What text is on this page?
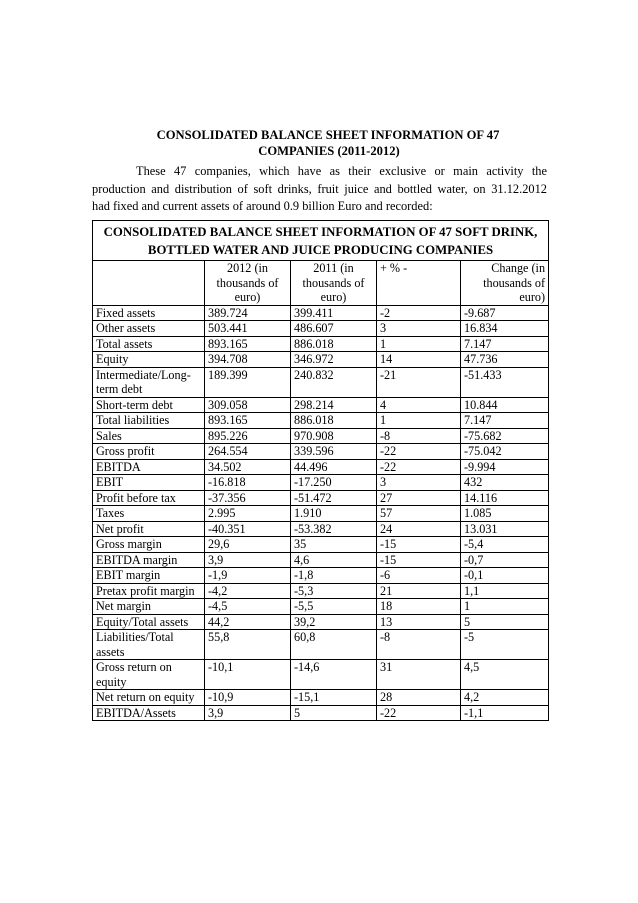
CONSOLIDATED BALANCE SHEET INFORMATION OF 47
COMPANIES (2011-2012)
These 47 companies, which have as their exclusive or main activity the
production and distribution of soft drinks, fruit juice and bottled water, on 31.12.2012
had fixed and current assets of around 0.9 billion Euro and recorded:
CONSOLIDATED BALANCE SHEET INFORMATION OF 47 SOFT DRINK, BOTTLED WATER AND JUICE PRODUCING COMPANIES				
	2012 (in thousands of euro)	2011 (in thousands of euro)	+ % -	Change (in thousands of euro)
Fixed assets	389.724	399.411	-2	-9.687
Other assets	503.441	486.607	3	16.834
Total assets	893.165	886.018	1	7.147
Equity	394.708	346.972	14	47.736
Intermediate/Long-term debt	189.399	240.832	-21	-51.433
Short-term debt	309.058	298.214	4	10.844
Total liabilities	893.165	886.018	1	7.147
Sales	895.226	970.908	-8	-75.682
Gross profit	264.554	339.596	-22	-75.042
EBITDA	34.502	44.496	-22	-9.994
EBIT	-16.818	-17.250	3	432
Profit before tax	-37.356	-51.472	27	14.116
Taxes	2.995	1.910	57	1.085
Net profit	-40.351	-53.382	24	13.031
Gross margin	29,6	35	-15	-5,4
EBITDA margin	3,9	4,6	-15	-0,7
EBIT margin	-1,9	-1,8	-6	-0,1
Pretax profit margin	-4,2	-5,3	21	1,1
Net margin	-4,5	-5,5	18	1
Equity/Total assets	44,2	39,2	13	5
Liabilities/Total assets	55,8	60,8	-8	-5
Gross return on equity	-10,1	-14,6	31	4,5
Net return on equity	-10,9	-15,1	28	4,2
EBITDA/Assets	3,9	5	-22	-1,1
